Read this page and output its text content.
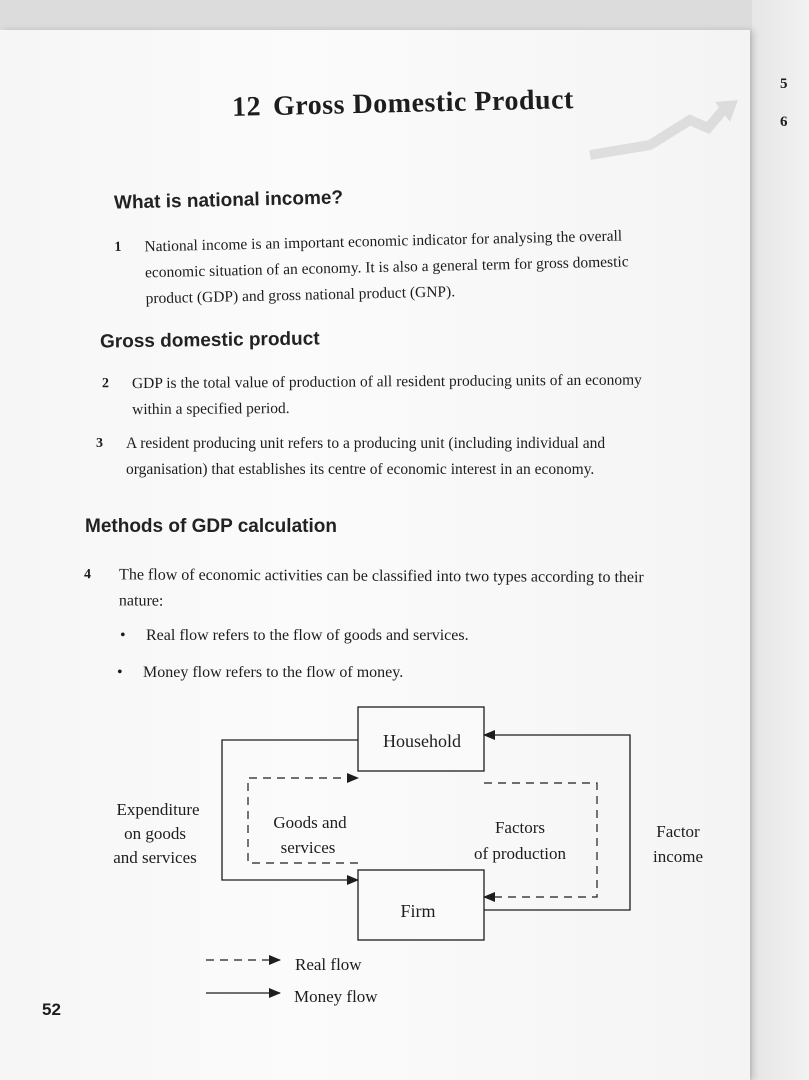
5
6
12 Gross Domestic Product
What is national income?
1 National income is an important economic indicator for analysing the overall
economic situation of an economy. It is also a general term for gross domestic
product (GDP) and gross national product (GNP).
Gross domestic product
2 GDP is the total value of production of all resident producing units of an economy
within a specified period.
3 A resident producing unit refers to a producing unit (including individual and
organisation) that establishes its centre of economic interest in an economy.
Methods of GDP calculation
4 The flow of economic activities can be classified into two types according to their
nature:
• Real flow refers to the flow of goods and services.
• Money flow refers to the flow of money.
Household
Firm
Expenditure
on goods
and services
Goods and
services
Factors
of production
Factor
income
Real flow
Money flow
52
